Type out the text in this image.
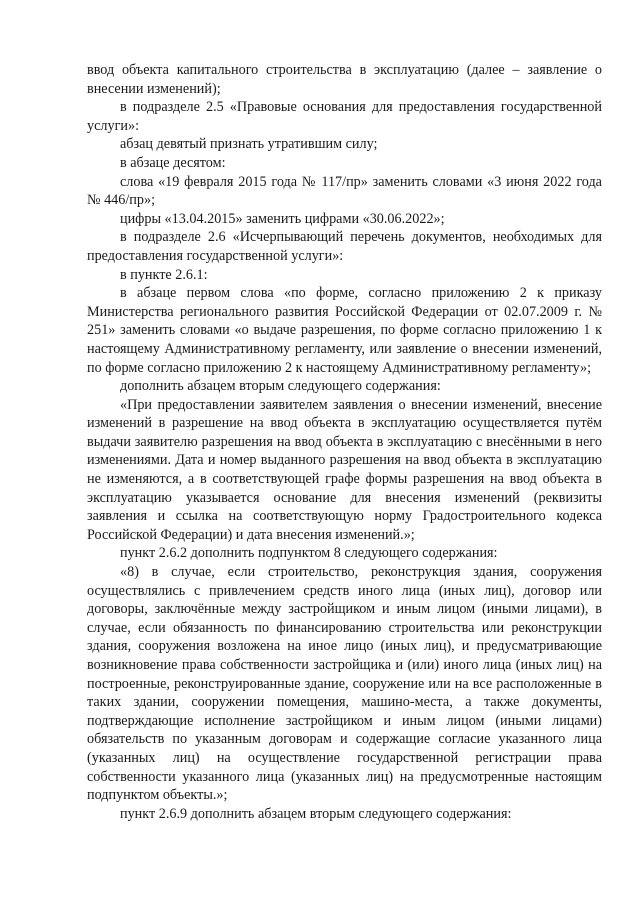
ввод объекта капитального строительства в эксплуатацию (далее – заявление о внесении изменений);

в подразделе 2.5 «Правовые основания для предоставления государственной услуги»:

абзац девятый признать утратившим силу;

в абзаце десятом:

слова «19 февраля 2015 года № 117/пр» заменить словами «3 июня 2022 года № 446/пр»;

цифры «13.04.2015» заменить цифрами «30.06.2022»;

в подразделе 2.6 «Исчерпывающий перечень документов, необходимых для предоставления государственной услуги»:

в пункте 2.6.1:

в абзаце первом слова «по форме, согласно приложению 2 к приказу Министерства регионального развития Российской Федерации от 02.07.2009 г. № 251» заменить словами «о выдаче разрешения, по форме согласно приложению 1 к настоящему Административному регламенту, или заявление о внесении изменений, по форме согласно приложению 2 к настоящему Административному регламенту»;

дополнить абзацем вторым следующего содержания:

«При предоставлении заявителем заявления о внесении изменений, внесение изменений в разрешение на ввод объекта в эксплуатацию осуществляется путём выдачи заявителю разрешения на ввод объекта в эксплуатацию с внесёнными в него изменениями. Дата и номер выданного разрешения на ввод объекта в эксплуатацию не изменяются, а в соответствующей графе формы разрешения на ввод объекта в эксплуатацию указывается основание для внесения изменений (реквизиты заявления и ссылка на соответствующую норму Градостроительного кодекса Российской Федерации) и дата внесения изменений.»;

пункт 2.6.2 дополнить подпунктом 8 следующего содержания:

«8) в случае, если строительство, реконструкция здания, сооружения осуществлялись с привлечением средств иного лица (иных лиц), договор или договоры, заключённые между застройщиком и иным лицом (иными лицами), в случае, если обязанность по финансированию строительства или реконструкции здания, сооружения возложена на иное лицо (иных лиц), и предусматривающие возникновение права собственности застройщика и (или) иного лица (иных лиц) на построенные, реконструированные здание, сооружение или на все расположенные в таких здании, сооружении помещения, машино-места, а также документы, подтверждающие исполнение застройщиком и иным лицом (иными лицами) обязательств по указанным договорам и содержащие согласие указанного лица (указанных лиц) на осуществление государственной регистрации права собственности указанного лица (указанных лиц) на предусмотренные настоящим подпунктом объекты.»;

пункт 2.6.9 дополнить абзацем вторым следующего содержания:
